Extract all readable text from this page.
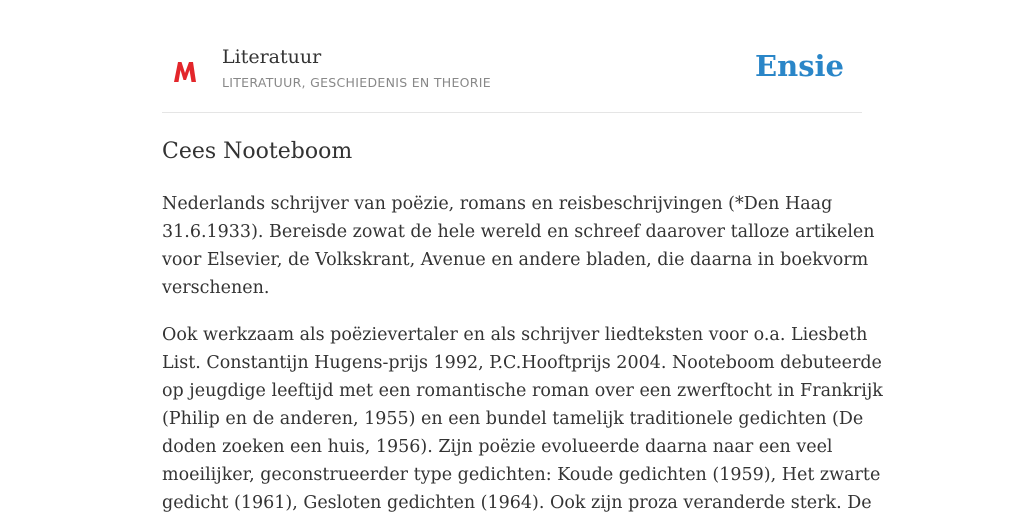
Literatuur
LITERATUUR, GESCHIEDENIS EN THEORIE	Ensie
Cees Nooteboom

Nederlands schrijver van poëzie, romans en reisbeschrijvingen (*Den Haag

31.6.1933). Bereisde zowat de hele wereld en schreef daarover talloze artikelen

voor Elsevier, de Volkskrant, Avenue en andere bladen, die daarna in boekvorm

verschenen.

Ook werkzaam als poëzievertaler en als schrijver liedteksten voor o.a. Liesbeth

List. Constantijn Hugens-prijs 1992, P.C.Hooftprijs 2004. Nooteboom debuteerde

op jeugdige leeftijd met een romantische roman over een zwerftocht in Frankrijk

(Philip en de anderen, 1955) en een bundel tamelijk traditionele gedichten (De

doden zoeken een huis, 1956). Zijn poëzie evolueerde daarna naar een veel

moeilijker, geconstrueerder type gedichten: Koude gedichten (1959), Het zwarte

gedicht (1961), Gesloten gedichten (1964). Ook zijn proza veranderde sterk. De
